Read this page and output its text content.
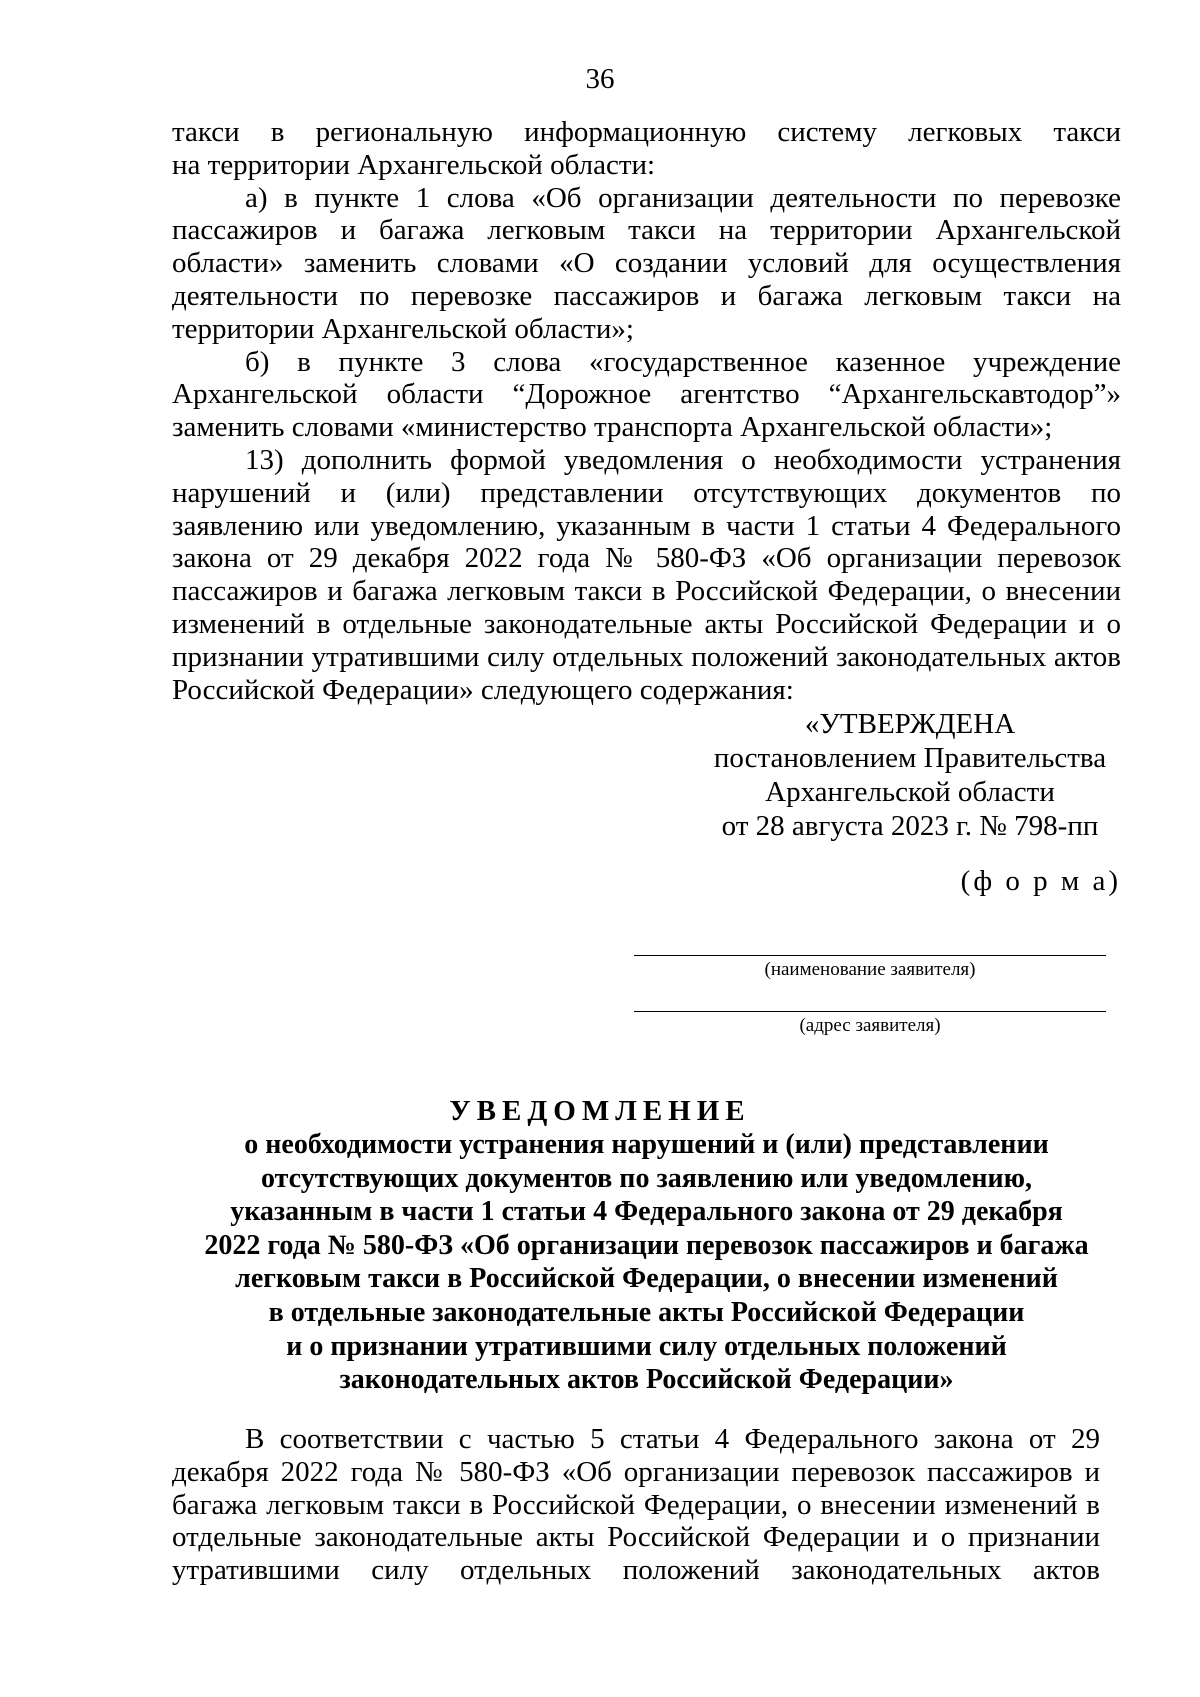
36

такси в региональную информационную систему легковых такси

на территории Архангельской области:

а) в пункте 1 слова «Об организации деятельности по перевозке пассажиров и багажа легковым такси на территории Архангельской области» заменить словами «О создании условий для осуществления деятельности по перевозке пассажиров и багажа легковым такси на территории Архангельской области»;

б) в пункте 3 слова «государственное казенное учреждение Архангельской области “Дорожное агентство “Архангельскавтодор”» заменить словами «министерство транспорта Архангельской области»;

13) дополнить формой уведомления о необходимости устранения нарушений и (или) представлении отсутствующих документов по заявлению или уведомлению, указанным в части 1 статьи 4 Федерального закона от 29 декабря 2022 года № 580-ФЗ «Об организации перевозок пассажиров и багажа легковым такси в Российской Федерации, о внесении изменений в отдельные законодательные акты Российской Федерации и о признании утратившими силу отдельных положений законодательных актов Российской Федерации» следующего содержания:

«УТВЕРЖДЕНА
постановлением Правительства
Архангельской области
от 28 августа 2023 г. № 798-пп
(ф о р м а)
(наименование заявителя)
(адрес заявителя)
УВЕДОМЛЕНИЕ
о необходимости устранения нарушений и (или) представлении
отсутствующих документов по заявлению или уведомлению,
указанным в части 1 статьи 4 Федерального закона от 29 декабря
2022 года № 580-ФЗ «Об организации перевозок пассажиров и багажа
легковым такси в Российской Федерации, о внесении изменений
в отдельные законодательные акты Российской Федерации
и о признании утратившими силу отдельных положений
законодательных актов Российской Федерации»

В соответствии с частью 5 статьи 4 Федерального закона от 29 декабря 2022 года № 580-ФЗ «Об организации перевозок пассажиров и багажа легковым такси в Российской Федерации, о внесении изменений в отдельные законодательные акты Российской Федерации и о признании утратившими силу отдельных положений законодательных актов
